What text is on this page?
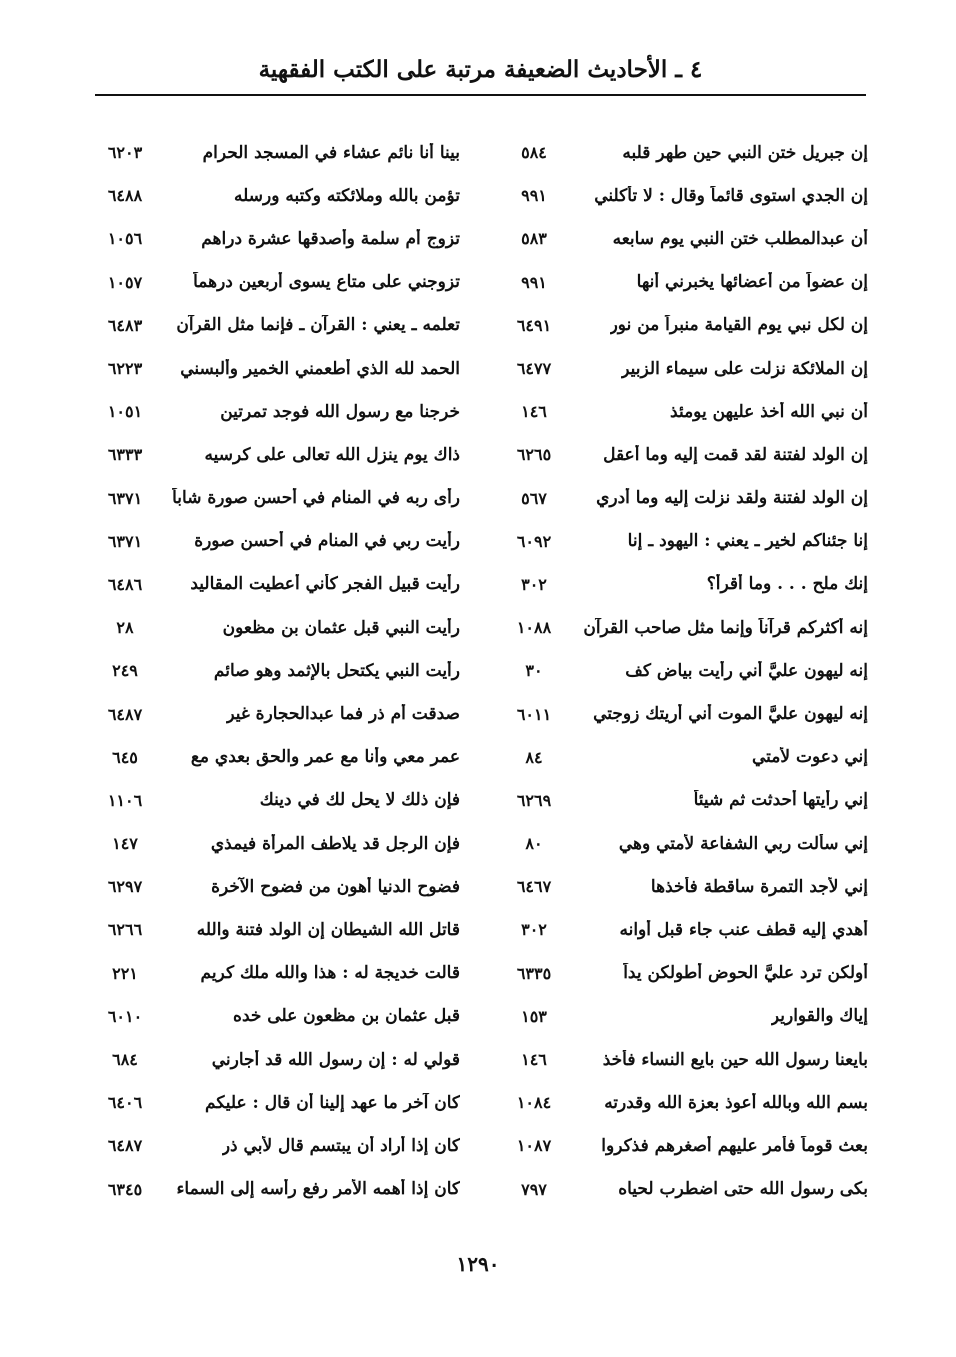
٤ ـ الأحاديث الضعيفة مرتبة على الكتب الفقهية
إن جبريل ختن النبي حين طهر قلبه
٥٨٤
إن الجدي استوى قائماً وقال : لا تأكلني
٩٩١
أن عبدالمطلب ختن النبي يوم سابعه
٥٨٣
إن عضواً من أعضائها يخبرني أنها
٩٩١
إن لكل نبي يوم القيامة منبراً من نور
٦٤٩١
إن الملائكة نزلت على سيماء الزبير
٦٤٧٧
أن نبي الله أخذ عليهن يومئذ
١٤٦
إن الولد لفتنة لقد قمت إليه وما أعقل
٦٢٦٥
إن الولد لفتنة ولقد نزلت إليه وما أدري
٥٦٧
إنا جئناكم لخير ـ يعني : اليهود ـ إنا
٦٠٩٢
إنك ملح . . . وما أقرأ؟
٣٠٢
إنه أكثركم قرآناً وإنما مثل صاحب القرآن
١٠٨٨
إنه ليهون عليَّ أني رأيت بياض كف
٣٠
إنه ليهون عليَّ الموت أني أريتك زوجتي
٦٠١١
إني دعوت لأمتي
٨٤
إني رأيتها أحدثت ثم شيئاً
٦٢٦٩
إني سألت ربي الشفاعة لأمتي وهي
٨٠
إني لأجد التمرة ساقطة فأخذها
٦٤٦٧
أهدي إليه قطف عنب جاء قبل أوانه
٣٠٢
أولكن ترد عليَّ الحوض أطولكن يداً
٦٣٣٥
إياك والقوارير
١٥٣
بايعنا رسول الله حين بايع النساء فأخذ
١٤٦
بسم الله وبالله أعوذ بعزة الله وقدرته
١٠٨٤
بعث قوماً فأمر عليهم أصغرهم فذكروا
١٠٨٧
بكى رسول الله حتى اضطرب لحياه
٧٩٧
بينا أنا نائم عشاء في المسجد الحرام
٦٢٠٣
تؤمن بالله وملائكته وكتبه ورسله
٦٤٨٨
تزوج أم سلمة وأصدقها عشرة دراهم
١٠٥٦
تزوجني على متاع يسوى أربعين درهماً
١٠٥٧
تعلمه ـ يعني : القرآن ـ فإنما مثل القرآن
٦٤٨٣
الحمد لله الذي أطعمني الخمير وألبسني
٦٢٢٣
خرجنا مع رسول الله فوجد تمرتين
١٠٥١
ذاك يوم ينزل الله تعالى على كرسيه
٦٣٣٣
رأى ربه في المنام في أحسن صورة شاباً
٦٣٧١
رأيت ربي في المنام في أحسن صورة
٦٣٧١
رأيت قبيل الفجر كأني أعطيت المقاليد
٦٤٨٦
رأيت النبي قبل عثمان بن مظعون
٢٨
رأيت النبي يكتحل بالإثمد وهو صائم
٢٤٩
صدقت أم ذر فما عبدالحجارة غير
٦٤٨٧
عمر معي وأنا مع عمر والحق بعدي مع
٦٤٥
فإن ذلك لا يحل لك في دينك
١١٠٦
فإن الرجل قد يلاطف المرأة فيمذي
١٤٧
فضوح الدنيا أهون من فضوح الآخرة
٦٢٩٧
قاتل الله الشيطان إن الولد فتنة والله
٦٢٦٦
قالت خديجة له : هذا والله ملك كريم
٢٢١
قبل عثمان بن مظعون على خده
٦٠١٠
قولي له : إن رسول الله قد أجارني
٦٨٤
كان آخر ما عهد إلينا أن قال : عليكم
٦٤٠٦
كان إذا أراد أن يبتسم قال لأبي ذر
٦٤٨٧
كان إذا أهمه الأمر رفع رأسه إلى السماء
٦٣٤٥
١٢٩٠
